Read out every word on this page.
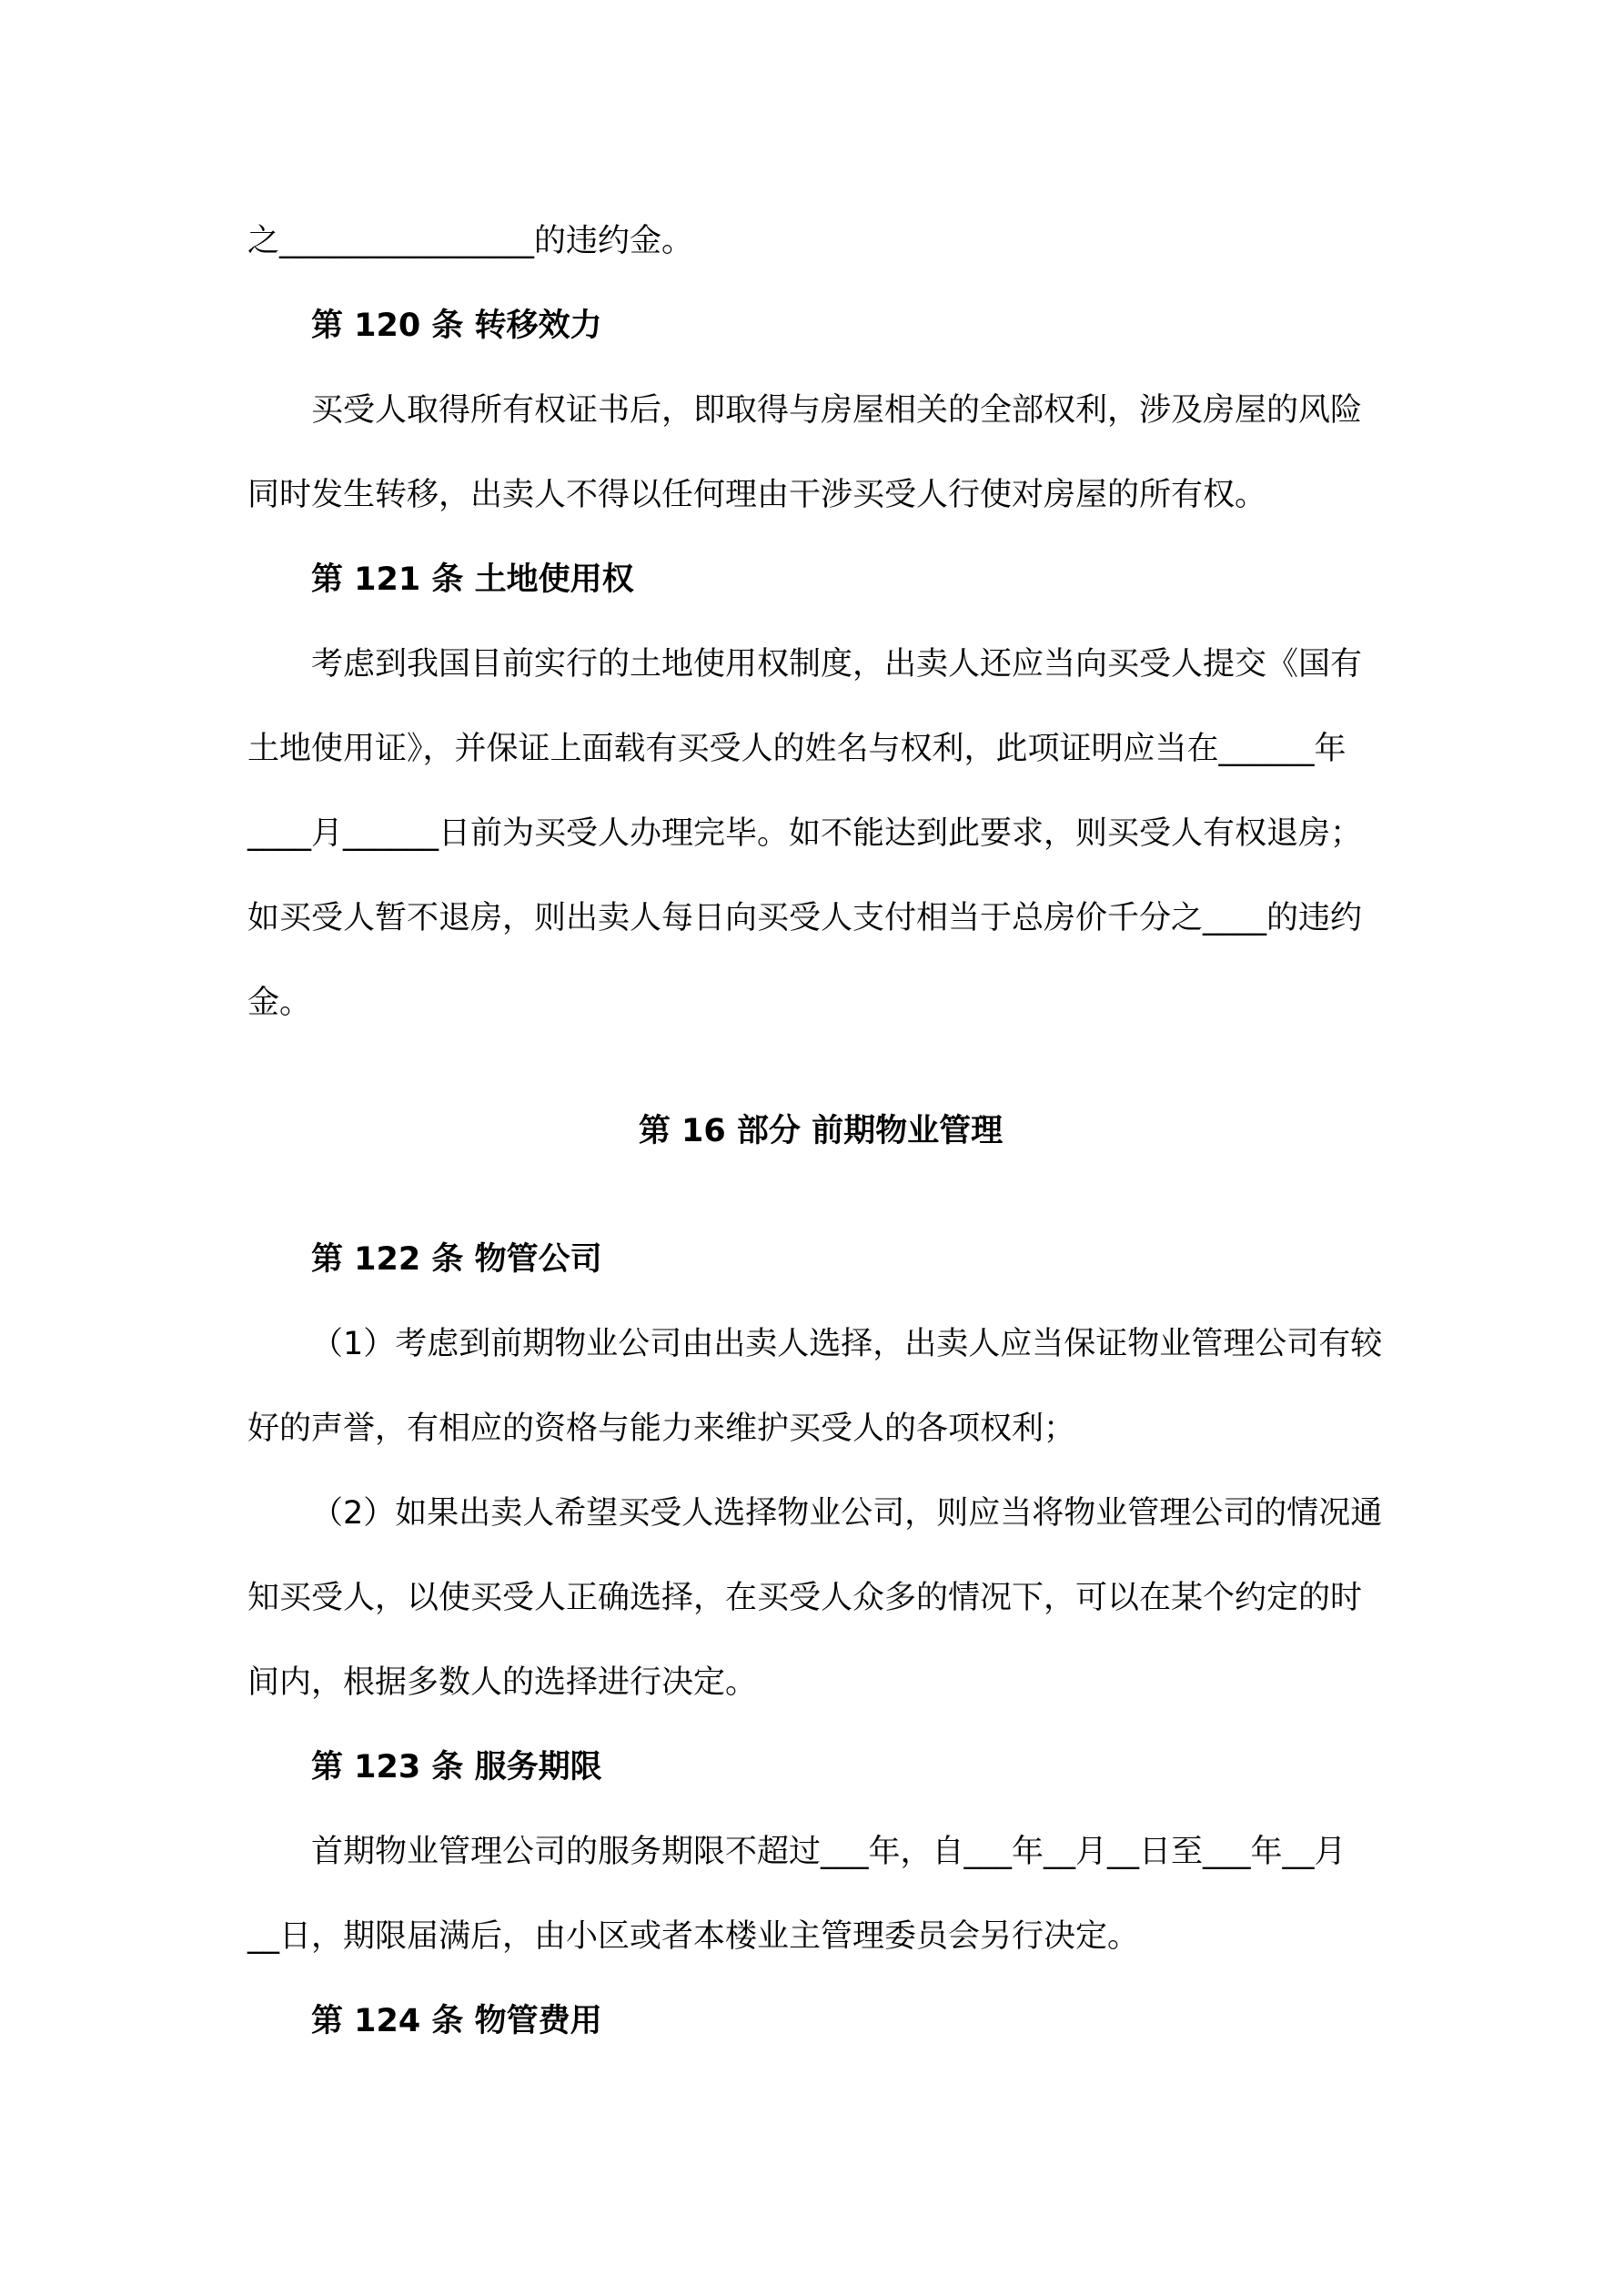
之________________的违约金。
第 120 条 转移效力
买受人取得所有权证书后，即取得与房屋相关的全部权利，涉及房屋的风险
同时发生转移，出卖人不得以任何理由干涉买受人行使对房屋的所有权。
第 121 条 土地使用权
考虑到我国目前实行的土地使用权制度，出卖人还应当向买受人提交《国有
土地使用证》，并保证上面载有买受人的姓名与权利，此项证明应当在______年
____月______日前为买受人办理完毕。如不能达到此要求，则买受人有权退房；
如买受人暂不退房，则出卖人每日向买受人支付相当于总房价千分之____的违约
金。
第 16 部分 前期物业管理
第 122 条 物管公司
（1）考虑到前期物业公司由出卖人选择，出卖人应当保证物业管理公司有较
好的声誉，有相应的资格与能力来维护买受人的各项权利；
（2）如果出卖人希望买受人选择物业公司，则应当将物业管理公司的情况通
知买受人，以使买受人正确选择，在买受人众多的情况下，可以在某个约定的时
间内，根据多数人的选择进行决定。
第 123 条 服务期限
首期物业管理公司的服务期限不超过___年，自___年__月__日至___年__月
__日，期限届满后，由小区或者本楼业主管理委员会另行决定。
第 124 条 物管费用
